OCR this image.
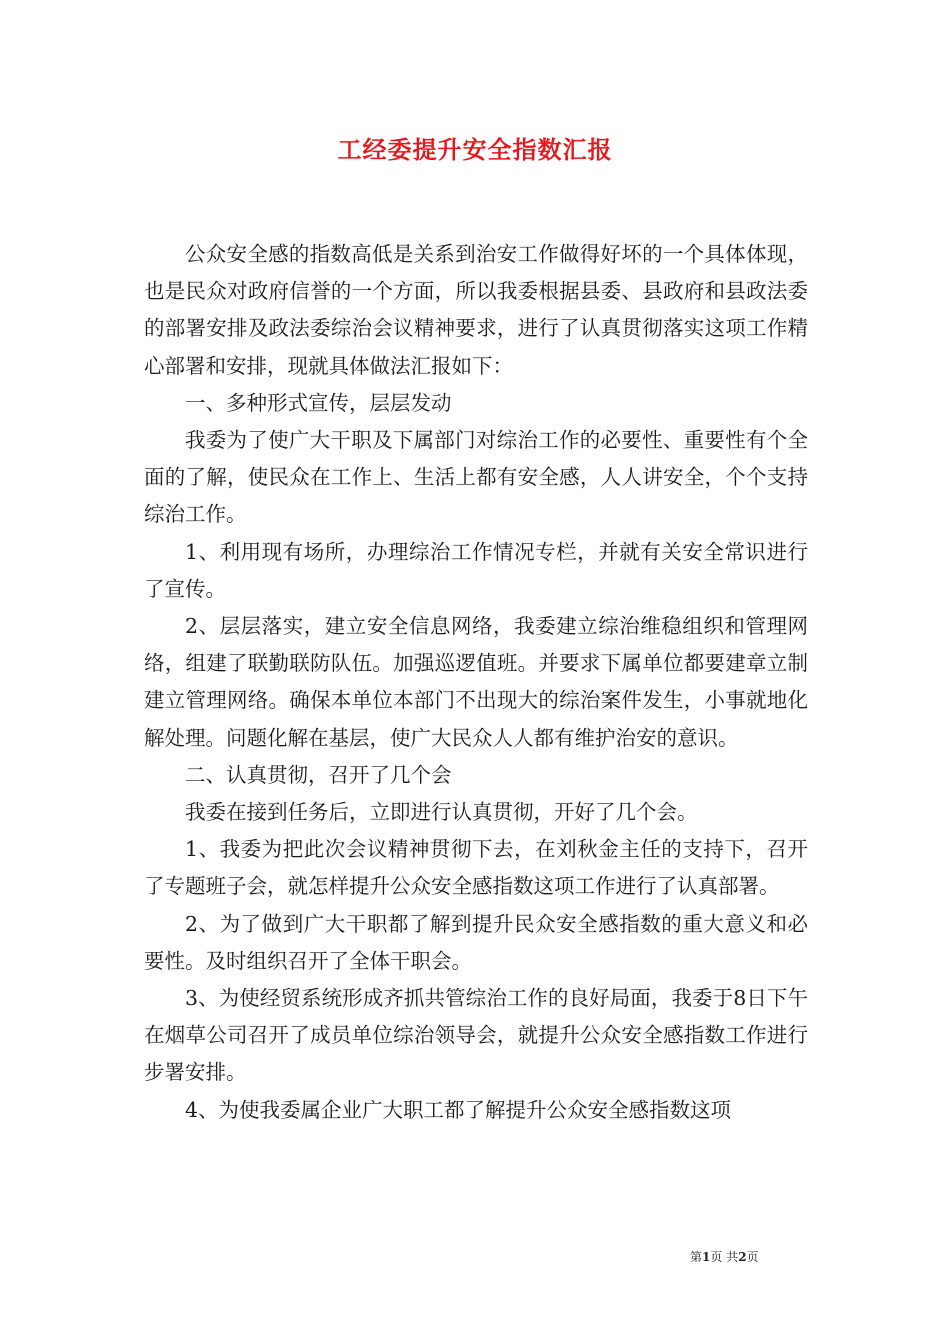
工经委提升安全指数汇报

公众安全感的指数高低是关系到治安工作做得好坏的一个具体体现，也是民众对政府信誉的一个方面，所以我委根据县委、县政府和县政法委的部署安排及政法委综治会议精神要求，进行了认真贯彻落实这项工作精心部署和安排，现就具体做法汇报如下：

一、多种形式宣传，层层发动

我委为了使广大干职及下属部门对综治工作的必要性、重要性有个全面的了解，使民众在工作上、生活上都有安全感，人人讲安全，个个支持综治工作。

1、利用现有场所，办理综治工作情况专栏，并就有关安全常识进行了宣传。

2、层层落实，建立安全信息网络，我委建立综治维稳组织和管理网络，组建了联勤联防队伍。加强巡逻值班。并要求下属单位都要建章立制建立管理网络。确保本单位本部门不出现大的综治案件发生，小事就地化解处理。问题化解在基层，使广大民众人人都有维护治安的意识。

二、认真贯彻，召开了几个会

我委在接到任务后，立即进行认真贯彻，开好了几个会。

1、我委为把此次会议精神贯彻下去，在刘秋金主任的支持下，召开了专题班子会，就怎样提升公众安全感指数这项工作进行了认真部署。

2、为了做到广大干职都了解到提升民众安全感指数的重大意义和必要性。及时组织召开了全体干职会。

3、为使经贸系统形成齐抓共管综治工作的良好局面，我委于8日下午在烟草公司召开了成员单位综治领导会，就提升公众安全感指数工作进行步署安排。

4、为使我委属企业广大职工都了解提升公众安全感指数这项

第1页 共2页
